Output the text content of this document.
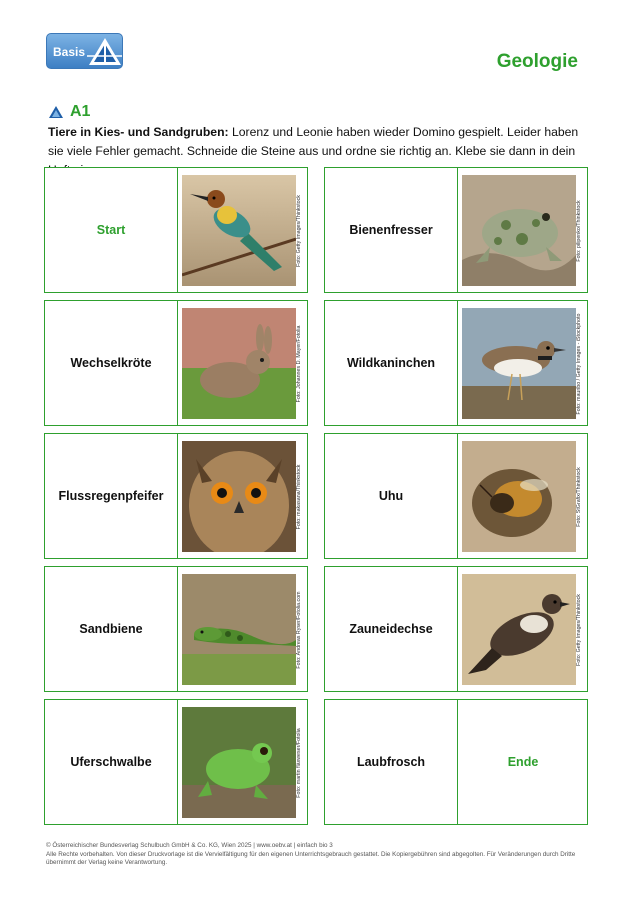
Basis	Geologie
A1

Tiere in Kies- und Sandgruben: Lorenz und Leonie haben wieder Domino gespielt. Leider haben sie viele Fehler gemacht. Schneide die Steine aus und ordne sie richtig an. Klebe sie dann in dein

Start	Foto: Getty Images/Thinkstock	Bienenfresser	Foto: pilipenko/Thinkstock
Wechselkröte	Foto: Johannes D. Mayer/Fotolia	Wildkaninchen	Foto: mauribo / Getty Images - iStockphoto
Flussregenpfeifer	Foto: makasana/Thinkstock	Uhu	Foto: StGrafix/Thinkstock
Sandbiene	Foto: Andreas Ryser/Fotolia.com	Zauneidechse	Foto: Getty Images/Thinkstock
Uferschwalbe	Foto: martin fläxweser/Fotolia	Laubfrosch	Ende
© Österreichischer Bundesverlag Schulbuch GmbH & Co. KG, Wien 2025 | www.oebv.at | einfach bio 3
Alle Rechte vorbehalten. Von dieser Druckvorlage ist die Vervielfältigung für den eigenen Unterrichtsgebrauch gestattet. Die Kopiergebühren sind abgegolten. Für Veränderungen durch Dritte übernimmt der Verlag keine Verantwortung.
